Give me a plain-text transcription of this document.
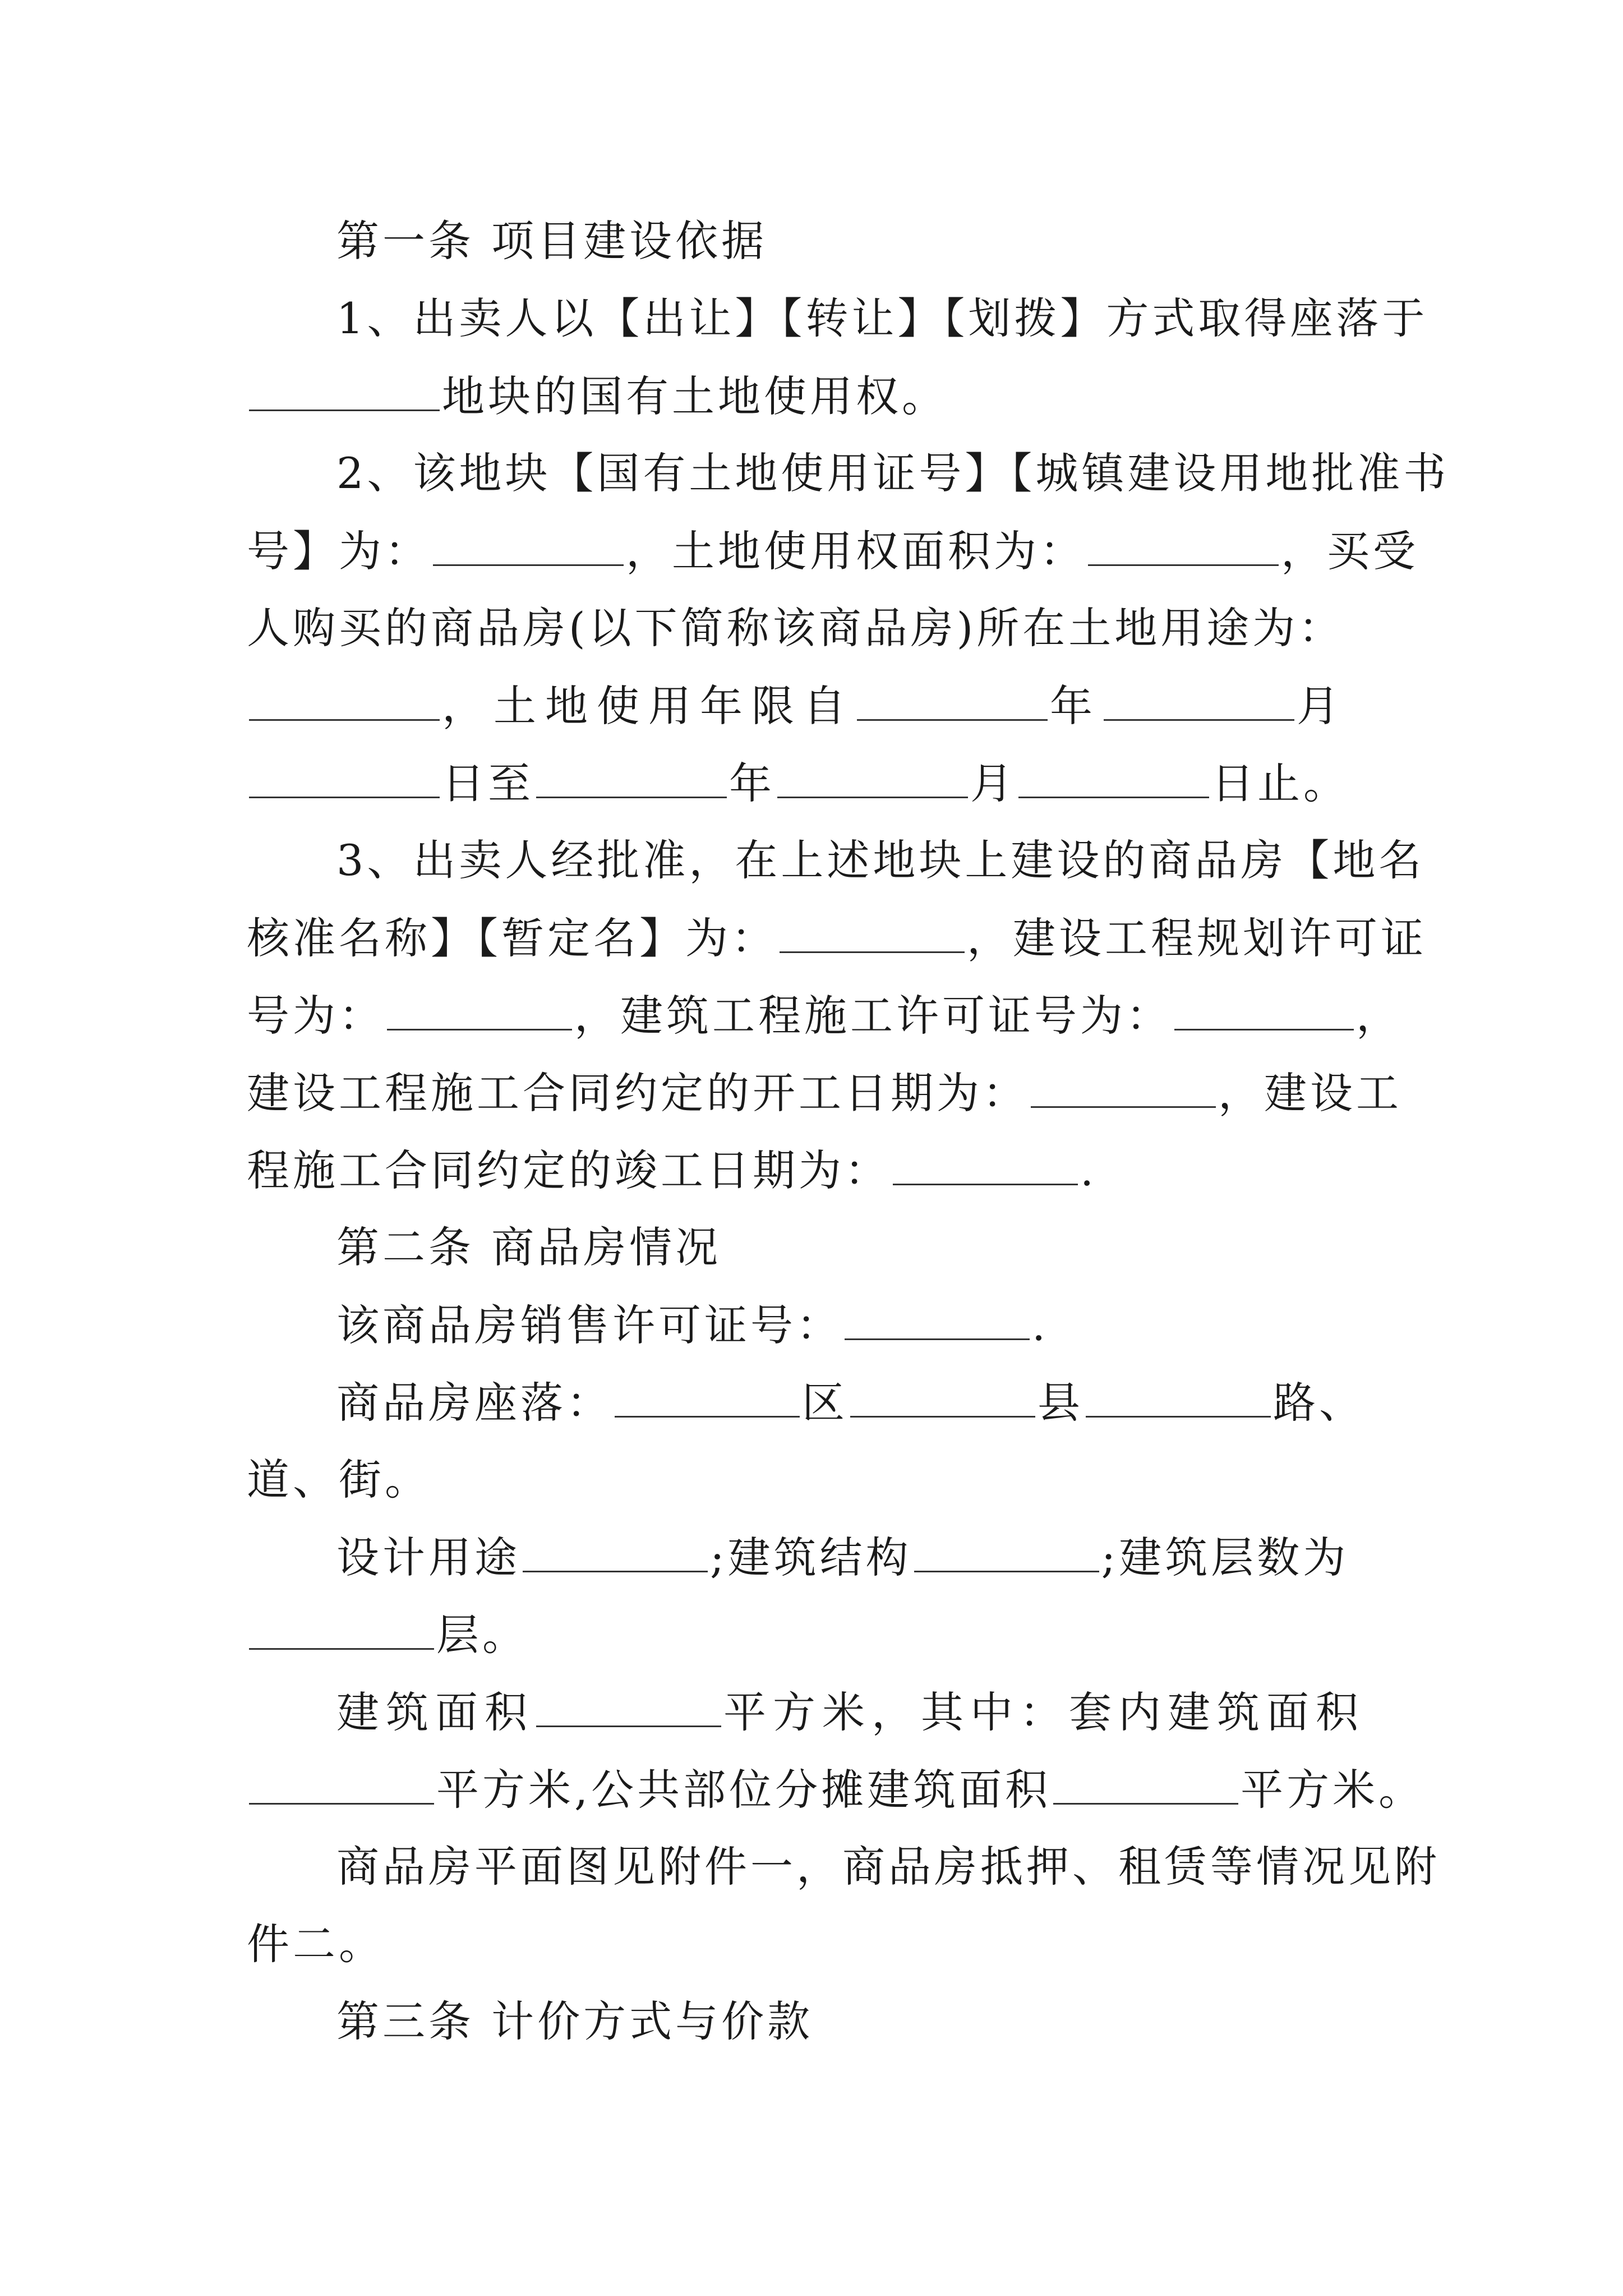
第一条 项目建设依据
1、出卖人以【出让】【转让】【划拨】方式取得座落于
地块的国有土地使用权。
2、该地块【国有土地使用证号】【城镇建设用地批准书
号】为：	，土地使用权面积为：	，买受
人购买的商品房(以下简称该商品房)所在土地用途为：
，土地使用年限自	年	月
日至	年	月	日止。
3、出卖人经批准，在上述地块上建设的商品房【地名
核准名称】【暂定名】为：	，建设工程规划许可证
号为：	，建筑工程施工许可证号为：	，
建设工程施工合同约定的开工日期为：	，建设工
程施工合同约定的竣工日期为：	.
第二条 商品房情况
该商品房销售许可证号：	.
商品房座落：	区	县	路、
道、街。
设计用途	;建筑结构	;建筑层数为
层。
建筑面积	平方米，其中：套内建筑面积
平方米,公共部位分摊建筑面积	平方米。
商品房平面图见附件一，商品房抵押、租赁等情况见附
件二。
第三条 计价方式与价款
